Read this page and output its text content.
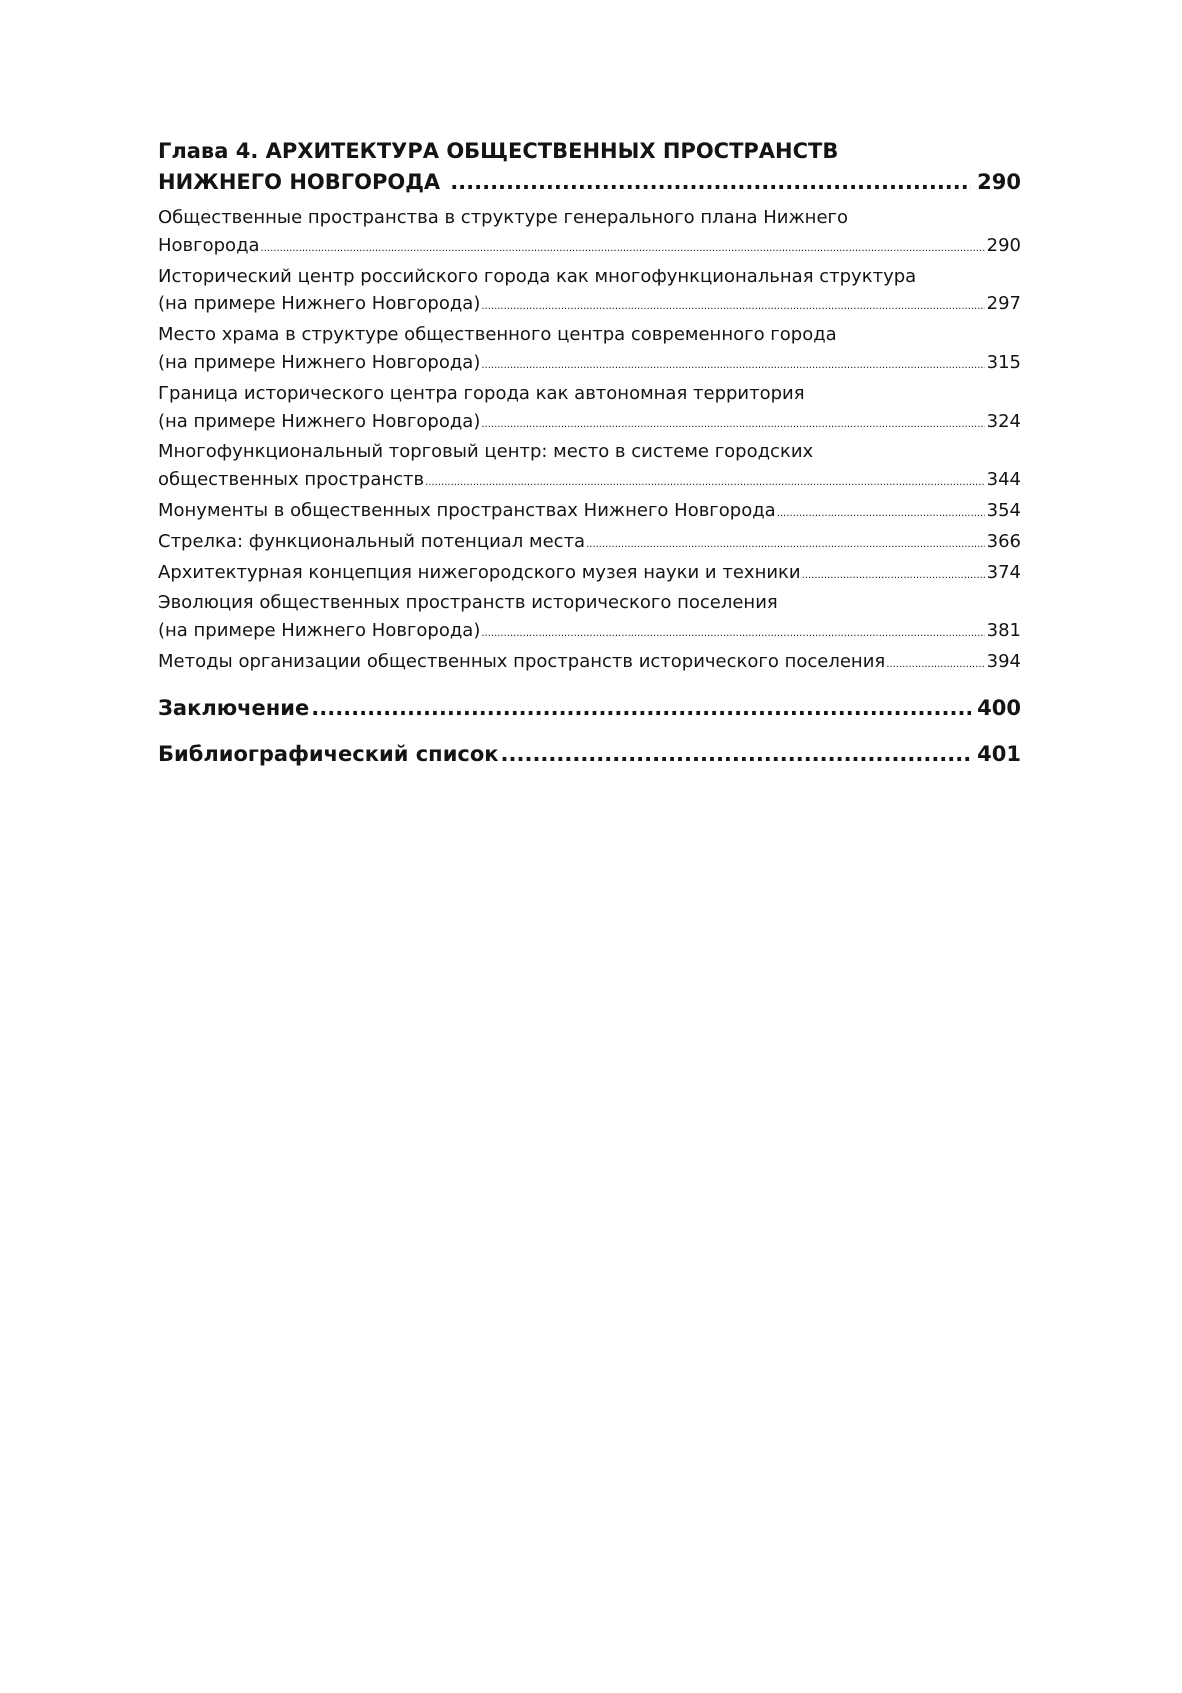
Глава 4. АРХИТЕКТУРА ОБЩЕСТВЕННЫХ ПРОСТРАНСТВ
НИЖНЕГО НОВГОРОДА .....	290
Общественные пространства в структуре генерального плана Нижнего
Новгорода .....	290
Исторический центр российского города как многофункциональная структура
(на примере Нижнего Новгорода) .....	297
Место храма в структуре общественного центра современного города
(на примере Нижнего Новгорода) .....	315
Граница исторического центра города как автономная территория
(на примере Нижнего Новгорода) .....	324
Многофункциональный торговый центр: место в системе городских
общественных пространств .....	344
Монументы в общественных пространствах Нижнего Новгорода .....	354
Стрелка: функциональный потенциал места .....	366
Архитектурная концепция нижегородского музея науки и техники .....	374
Эволюция общественных пространств исторического поселения
(на примере Нижнего Новгорода) .....	381
Методы организации общественных пространств исторического поселения .....	394
Заключение .....	400
Библиографический список .....	401
